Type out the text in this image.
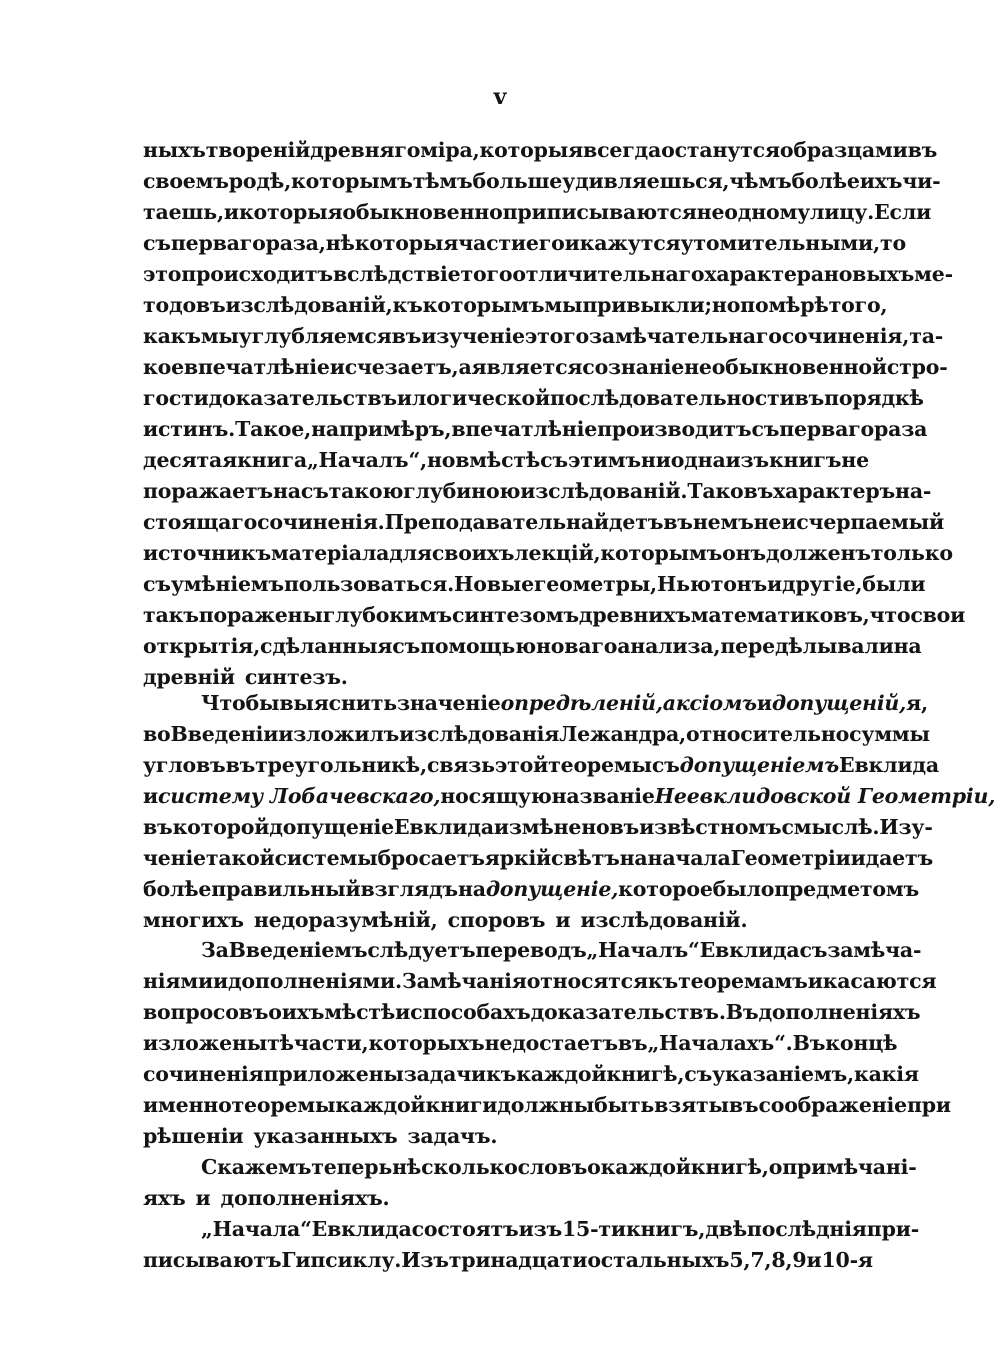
v
ныхъ твореній древняго міра, которыя всегда останутся образцами въ
своемъ родѣ, которымъ тѣмъ больше удивляешься, чѣмъ болѣе ихъ чи-
таешь, и которыя обыкновенно приписываются не одному лицу. Если
съ перваго раза, нѣкоторыя части его и кажутся утомительными, то
это происходитъ вслѣдствіе того отличительнаго характера новыхъ ме-
тодовъ изслѣдованій, къ которымъ мы привыкли; но по мѣрѣ того,
какъ мы углубляемся въ изученіе этого замѣчательнаго сочиненія, та-
кое впечатлѣніе исчезаетъ, а является сознаніе необыкновенной стро-
гости доказательствъ и логической послѣдовательности въ порядкѣ
истинъ. Такое, напримѣръ, впечатлѣніе производитъ съ перваго раза
десятая книга „Началъ“, но вмѣстѣ съ этимъ ни одна изъ книгъ не
поражаетъ насъ такою глубиною изслѣдованій. Таковъ характеръ на-
стоящаго сочиненія. Преподаватель найдетъ въ немъ неисчерпаемый
источникъ матеріала для своихъ лекцій, которымъ онъ долженъ только
съ умѣніемъ пользоваться. Новые геометры, Ньютонъ и другіе, были
такъ поражены глубокимъ синтезомъ древнихъ математиковъ, что свои
открытія, сдѣланныя съ помощью новаго анализа, передѣлывали на
древній синтезъ.
Чтобы выяснить значеніе опредѣленій, аксіомъ и допущеній, я,
во Введеніи изложилъ изслѣдованія Лежандра, относительно суммы
угловъ въ треугольникѣ, связь этой теоремы съ допущеніемъ Евклида
и систему Лобачевскаго, носящую названіе Неевклидовской Геометріи,
въ которой допущеніе Евклида измѣнено въ извѣстномъ смыслѣ. Изу-
ченіе такой системы бросаетъ яркій свѣтъ на начала Геометріи и даетъ
болѣе правильный взглядъ на допущеніе, которое было предметомъ
многихъ недоразумѣній, споровъ и изслѣдованій.
За Введеніемъ слѣдуетъ переводъ „Началъ“ Евклида съ замѣча-
ніями и дополненіями. Замѣчанія относятся къ теоремамъ и касаются
вопросовъ о ихъ мѣстѣ и способахъ доказательствъ. Въ дополненіяхъ
изложены тѣ части, которыхъ недостаетъ въ „Началахъ“. Въ концѣ
сочиненія приложены задачи къ каждой книгѣ, съ указаніемъ, какія
именно теоремы каждой книги должны быть взяты въ соображеніе при
рѣшеніи указанныхъ задачъ.
Скажемъ теперь нѣсколько словъ о каждой книгѣ, о примѣчані-
яхъ и дополненіяхъ.
„Начала“ Евклида состоятъ изъ 15-ти книгъ, двѣ послѣднія при-
писываютъ Гипсиклу. Изъ тринадцати остальныхъ 5, 7, 8, 9 и 10-я
